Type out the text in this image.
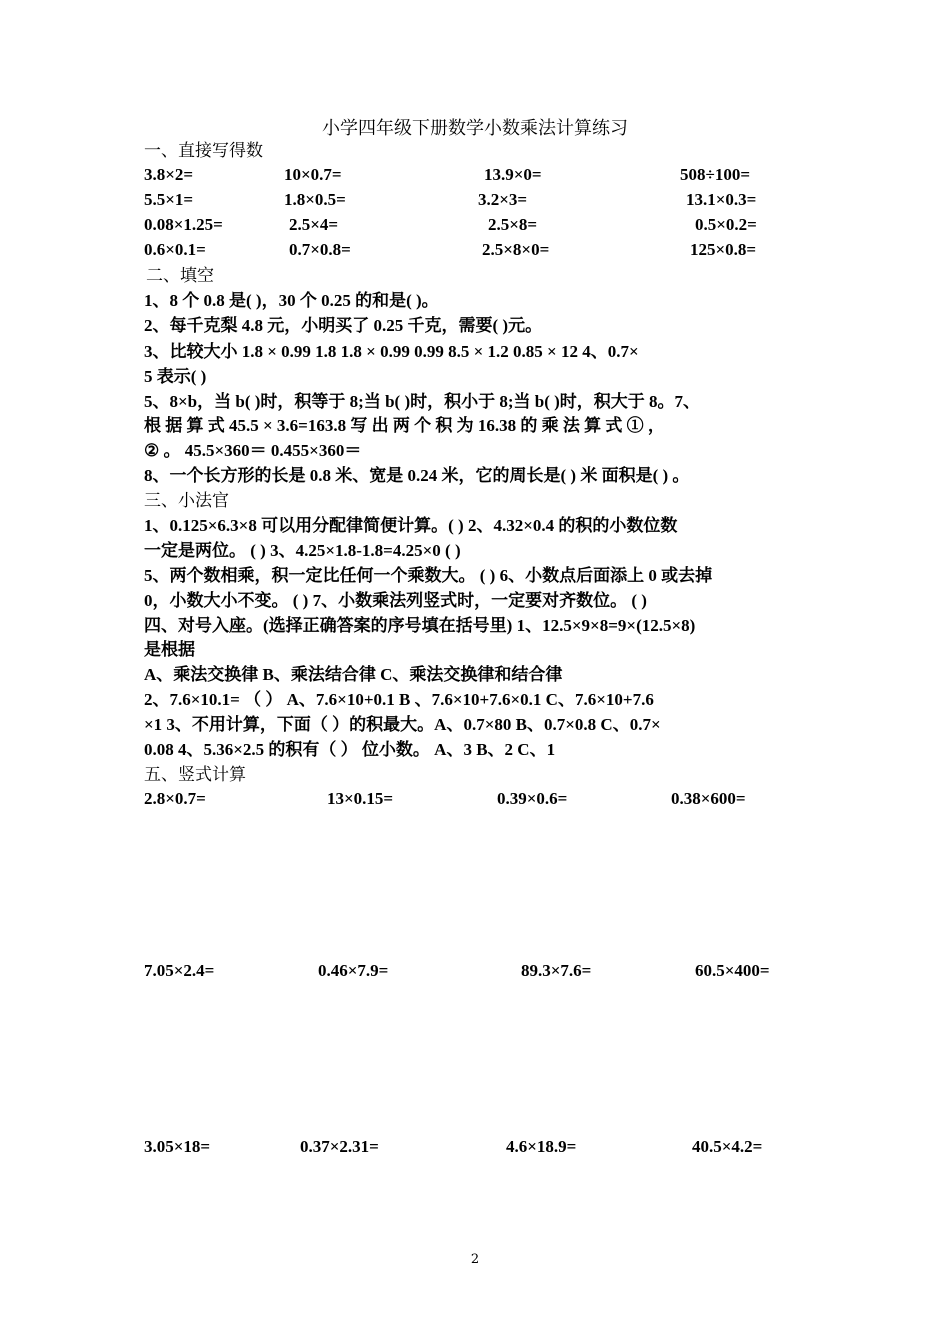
小学四年级下册数学小数乘法计算练习
一、直接写得数
3.8×2=	10×0.7=	13.9×0=	508÷100=
5.5×1=	1.8×0.5=	3.2×3=	13.1×0.3=
0.08×1.25=	2.5×4=	2.5×8=	0.5×0.2=
0.6×0.1=	0.7×0.8=	2.5×8×0=	125×0.8=
二、填空
1、8 个 0.8 是( )，30 个 0.25 的和是( )。
2、每千克梨 4.8 元，小明买了 0.25 千克，需要( )元。
3、比较大小 1.8 × 0.99 1.8 1.8 × 0.99 0.99 8.5 × 1.2 0.85 × 12 4、0.7×
5 表示( )
5、8×b，当 b( )时，积等于 8;当 b( )时，积小于 8;当 b( )时，积大于 8。7、
根 据 算 式 45.5 × 3.6=163.8 写 出 两 个 积 为 16.38 的 乘 法 算 式 ① ，
② 。 45.5×360＝ 0.455×360＝
8、一个长方形的长是 0.8 米、宽是 0.24 米，它的周长是( ) 米 面积是( ) 。
三、小法官
1、0.125×6.3×8 可以用分配律简便计算。( ) 2、4.32×0.4 的积的小数位数
一定是两位。 ( ) 3、4.25×1.8-1.8=4.25×0 ( )
5、两个数相乘，积一定比任何一个乘数大。 ( ) 6、小数点后面添上 0 或去掉
0，小数大小不变。 ( ) 7、小数乘法列竖式时，一定要对齐数位。 ( )
四、对号入座。(选择正确答案的序号填在括号里) 1、12.5×9×8=9×(12.5×8)
是根据
A、乘法交换律 B、乘法结合律 C、乘法交换律和结合律
2、7.6×10.1= （ ） A、7.6×10+0.1 B 、7.6×10+7.6×0.1 C、7.6×10+7.6
×1 3、不用计算，下面（ ）的积最大。A、0.7×80 B、0.7×0.8 C、0.7×
0.08 4、5.36×2.5 的积有（ ） 位小数。 A、3 B、2 C、1
五、竖式计算
2.8×0.7=	13×0.15=	0.39×0.6=	0.38×600=
7.05×2.4=	0.46×7.9=	89.3×7.6=	60.5×400=
3.05×18=	0.37×2.31=	4.6×18.9=	40.5×4.2=
2
